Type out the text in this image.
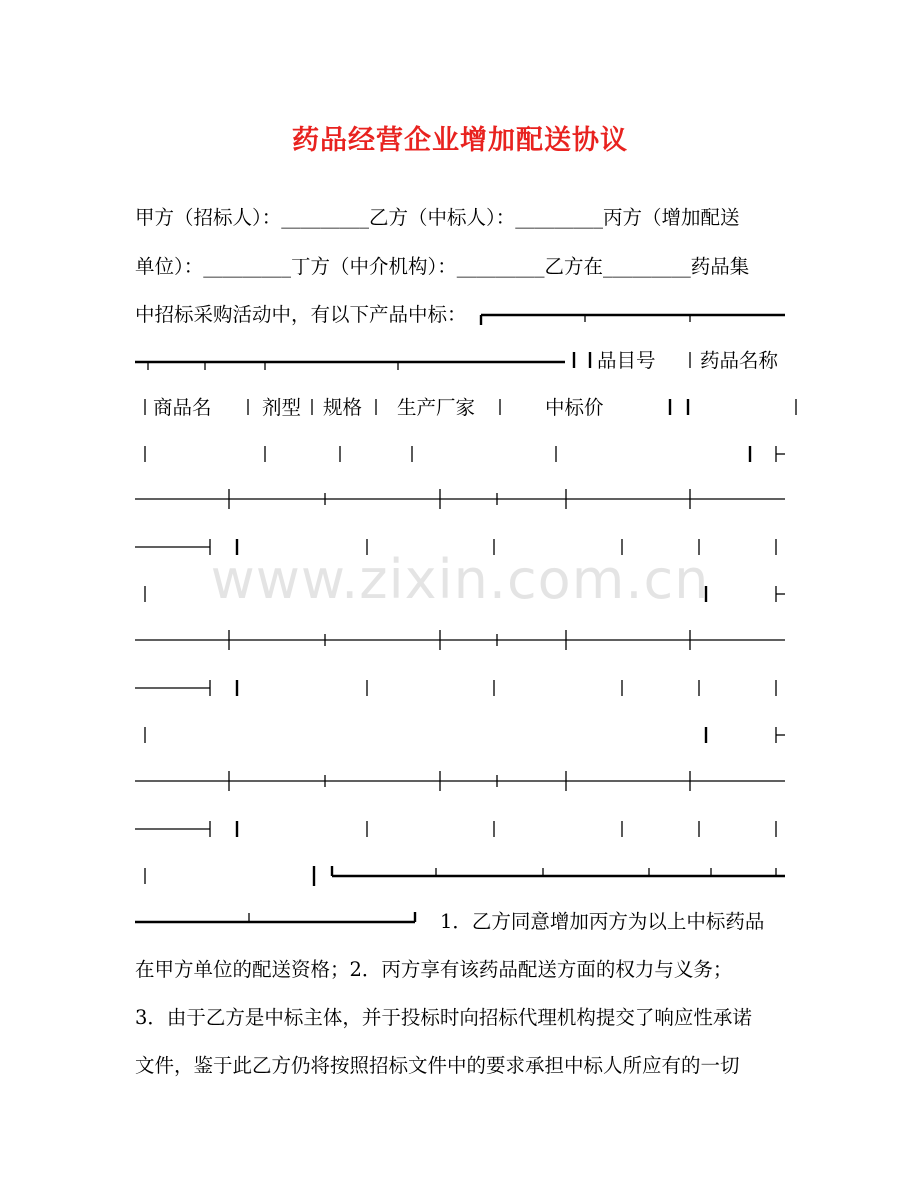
药品经营企业增加配送协议
甲方（招标人）：_________乙方（中标人）：_________丙方（增加配送
单位）：_________丁方（中介机构）：_________乙方在_________药品集
中招标采购活动中，有以下产品中标：
品目号 药品名称
商品名	剂型 规格 生产厂家	中标价
1．乙方同意增加丙方为以上中标药品
在甲方单位的配送资格；2．丙方享有该药品配送方面的权力与义务；
3．由于乙方是中标主体，并于投标时向招标代理机构提交了响应性承诺
文件，鉴于此乙方仍将按照招标文件中的要求承担中标人所应有的一切
www.zixin.com.cn
